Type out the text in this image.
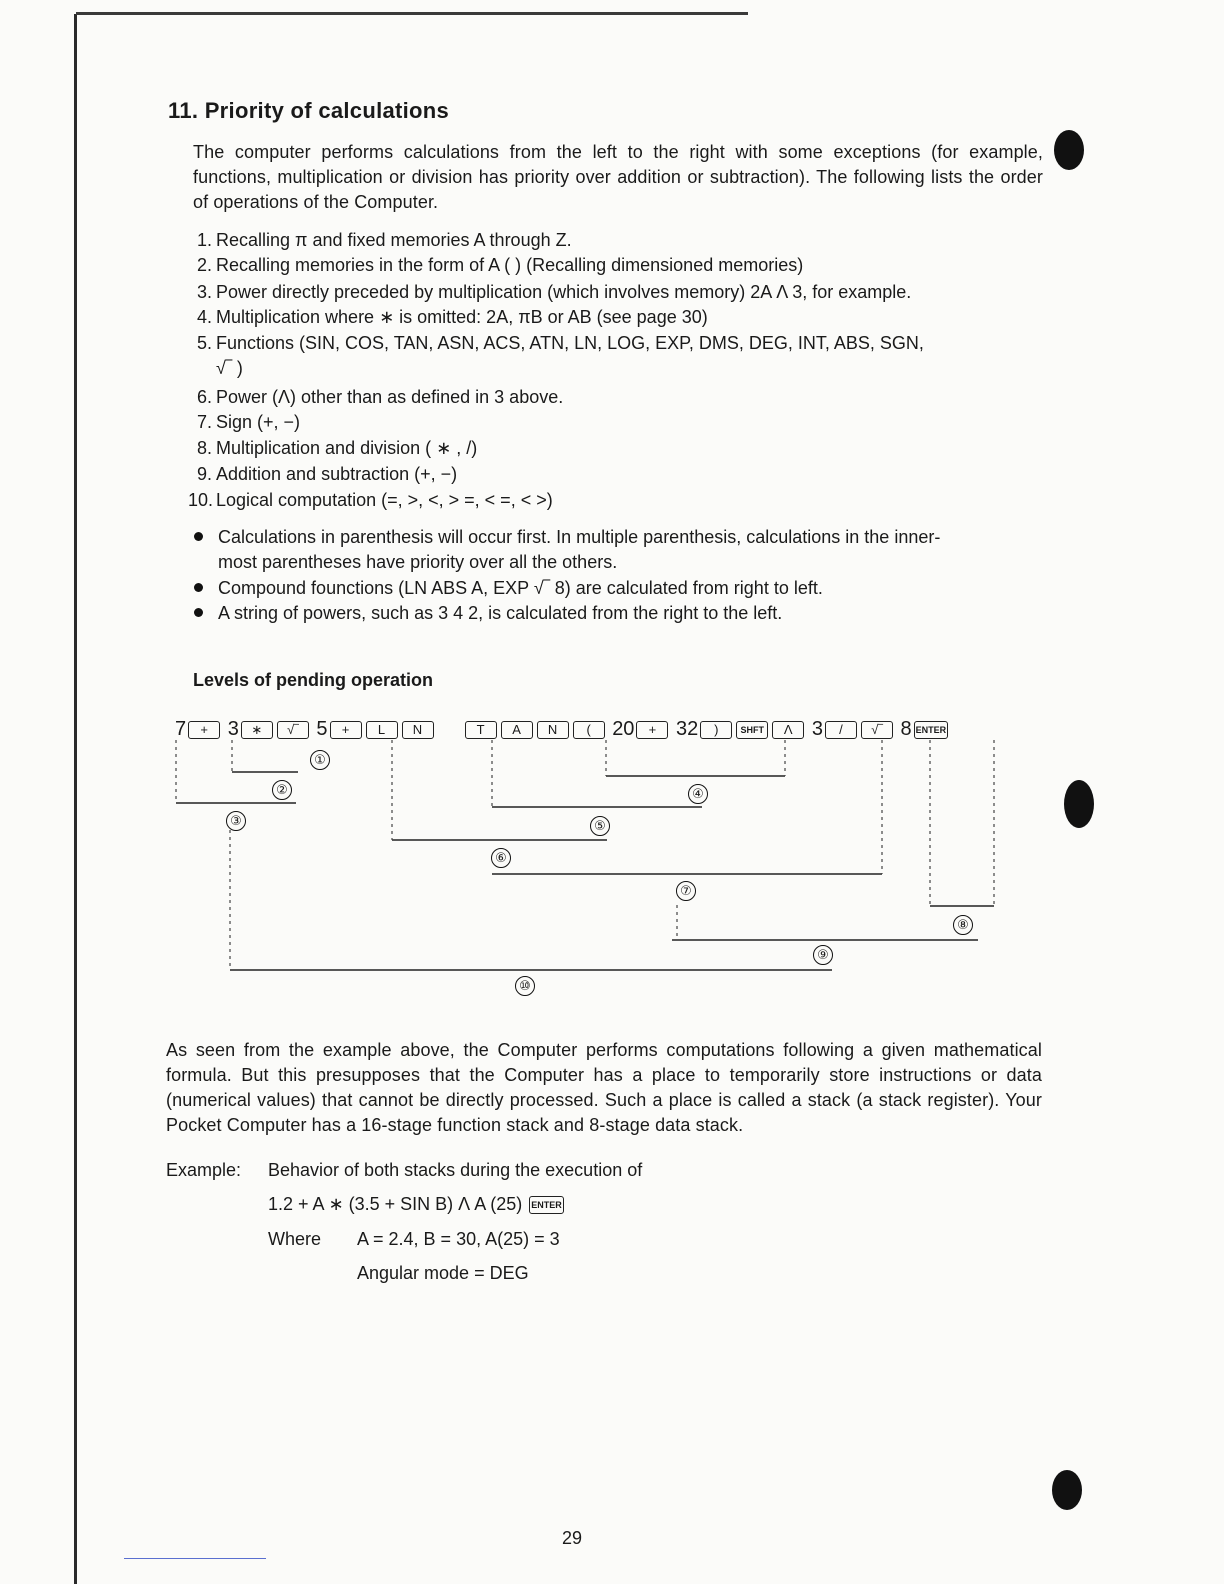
11. Priority of calculations
The computer performs calculations from the left to the right with some exceptions (for example, functions, multiplication or division has priority over addition or subtraction). The following lists the order of operations of the Computer.
1. Recalling π and fixed memories A through Z.
2. Recalling memories in the form of A ( ) (Recalling dimensioned memories)
3. Power directly preceded by multiplication (which involves memory) 2A Λ 3, for example.
4. Multiplication where ∗ is omitted: 2A, πB or AB (see page 30)
5. Functions (SIN, COS, TAN, ASN, ACS, ATN, LN, LOG, EXP, DMS, DEG, INT, ABS, SGN,
√‾ )
6. Power (Λ) other than as defined in 3 above.
7. Sign (+, −)
8. Multiplication and division ( ∗ , /)
9. Addition and subtraction (+, −)
10. Logical computation (=, >, <, > =, < =, < >)
Calculations in parenthesis will occur first. In multiple parenthesis, calculations in the inner-
most parentheses have priority over all the others.
Compound founctions (LN ABS A, EXP √‾ 8) are calculated from right to left.
A string of powers, such as 3 4 2, is calculated from the right to the left.
Levels of pending operation
7 + 3 ∗ √‾ 5 + L N	T A N ( 20 + 32 ) SHFT Λ 3 / √‾ 8 ENTER
①
②
③
④
⑤
⑥
⑦
⑧
⑨
⑩
As seen from the example above, the Computer performs computations following a given mathematical formula. But this presupposes that the Computer has a place to temporarily store instructions or data (numerical values) that cannot be directly processed. Such a place is called a stack (a stack register). Your Pocket Computer has a 16-stage function stack and 8-stage data stack.
Example: Behavior of both stacks during the execution of
1.2 + A ∗ (3.5 + SIN B) Λ A (25) ENTER
Where A = 2.4, B = 30, A(25) = 3
Angular mode = DEG
29
